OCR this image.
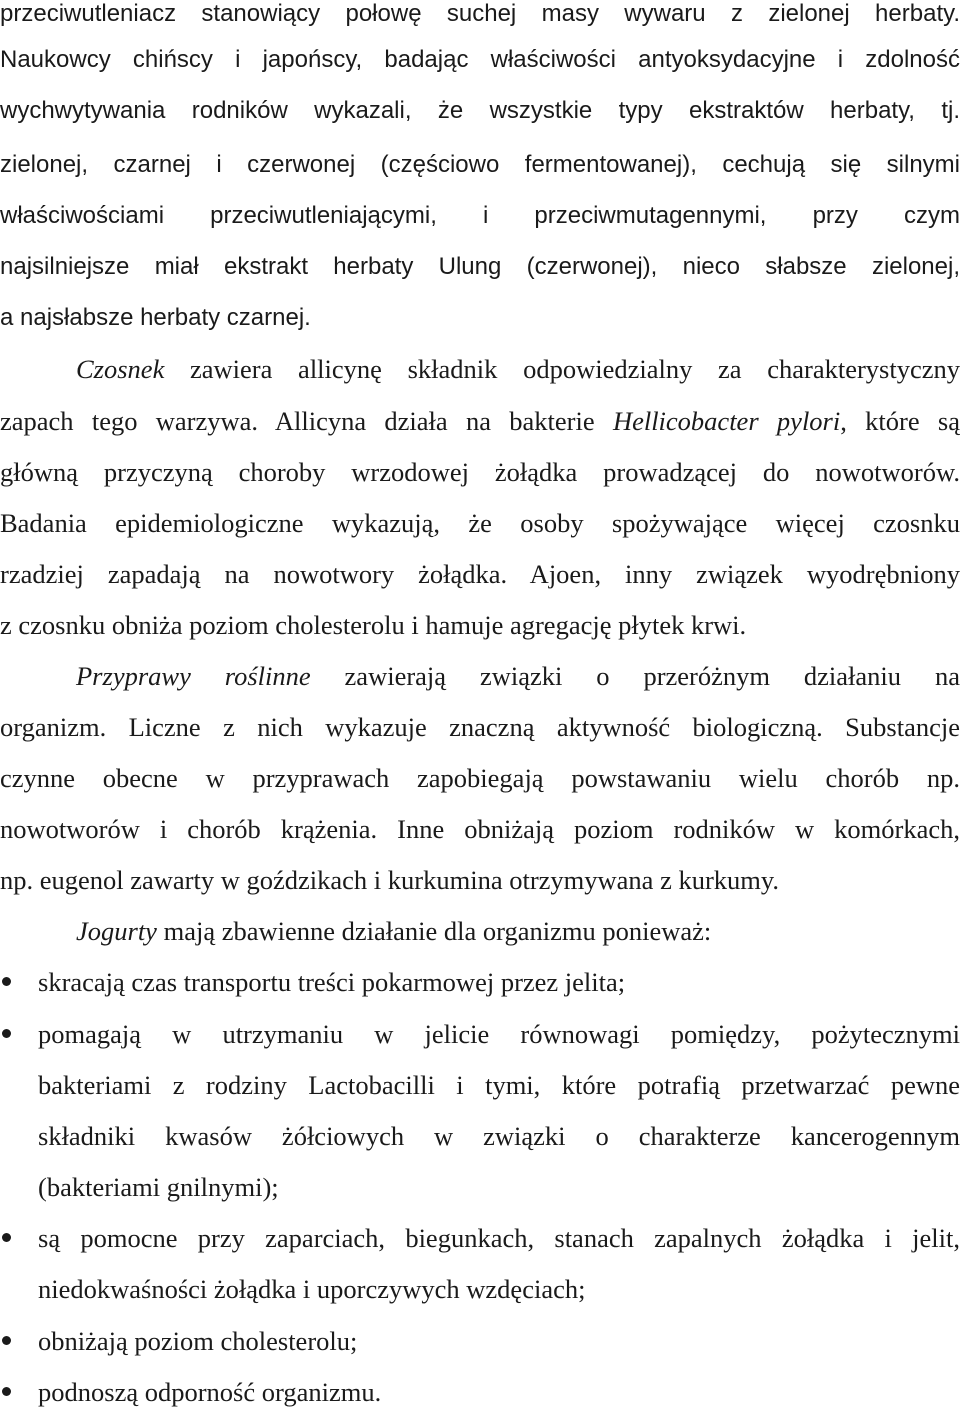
przeciwutleniacz stanowiący połowę suchej masy wywaru z zielonej herbaty.
Naukowcy chińscy i japońscy, badając właściwości antyoksydacyjne i zdolność
wychwytywania rodników wykazali, że wszystkie typy ekstraktów herbaty, tj.
zielonej, czarnej i czerwonej (częściowo fermentowanej), cechują się silnymi
właściwościami przeciwutleniającymi, i przeciwmutagennymi, przy czym
najsilniejsze miał ekstrakt herbaty Ulung (czerwonej), nieco słabsze zielonej,
a najsłabsze herbaty czarnej.
Czosnek zawiera allicynę składnik odpowiedzialny za charakterystyczny
zapach tego warzywa. Allicyna działa na bakterie Hellicobacter pylori, które są
główną przyczyną choroby wrzodowej żołądka prowadzącej do nowotworów.
Badania epidemiologiczne wykazują, że osoby spożywające więcej czosnku
rzadziej zapadają na nowotwory żołądka. Ajoen, inny związek wyodrębniony
z czosnku obniża poziom cholesterolu i hamuje agregację płytek krwi.
Przyprawy roślinne zawierają związki o przeróżnym działaniu na
organizm. Liczne z nich wykazuje znaczną aktywność biologiczną. Substancje
czynne obecne w przyprawach zapobiegają powstawaniu wielu chorób np.
nowotworów i chorób krążenia. Inne obniżają poziom rodników w komórkach,
np. eugenol zawarty w goździkach i kurkumina otrzymywana z kurkumy.
Jogurty mają zbawienne działanie dla organizmu ponieważ:
skracają czas transportu treści pokarmowej przez jelita;
pomagają w utrzymaniu w jelicie równowagi pomiędzy, pożytecznymi
bakteriami z rodziny Lactobacilli i tymi, które potrafią przetwarzać pewne
składniki kwasów żółciowych w związki o charakterze kancerogennym
(bakteriami gnilnymi);
są pomocne przy zaparciach, biegunkach, stanach zapalnych żołądka i jelit,
niedokwaśności żołądka i uporczywych wzdęciach;
obniżają poziom cholesterolu;
podnoszą odporność organizmu.
